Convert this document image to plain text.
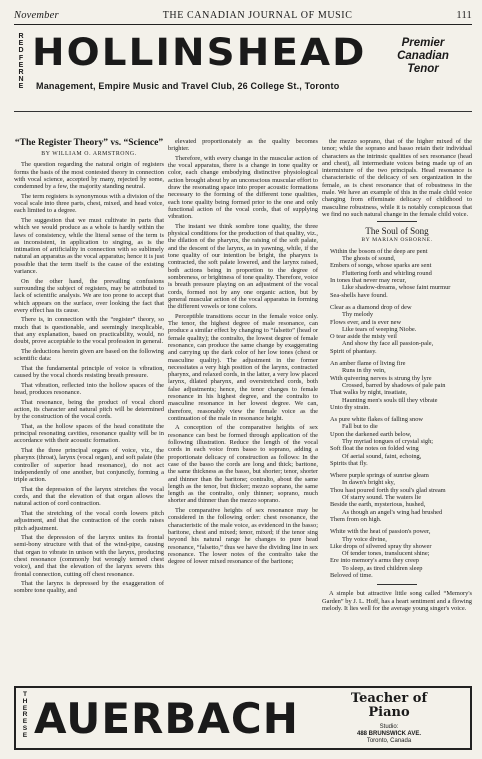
November	THE CANADIAN JOURNAL OF MUSIC	111
R
E
D
F
E
R
N
E
HOLLINSHEAD	Premier
Canadian
Tenor
Management, Empire Music and Travel Club, 26 College St., Toronto
“The Register Theory” vs. “Science”
BY WILLIAM O. ARMSTRONG.

The question regarding the natural origin of registers forms the basis of the most contested theory in connection with vocal science, accepted by many, rejected by some, condemned by a few, the majority standing neutral.

The term registers is synonymous with a division of the vocal scale into three parts, chest, mixed, and head voice, each limited to a degree.

The suggestion that we must cultivate in parts that which we would produce as a whole is hardly within the laws of consistency, while the literal sense of the term is as inconsistent, in application to singing, as is the intimation of artificiality in connection with so sublimely natural an apparatus as the vocal apparatus; hence it is just possible that the term itself is the cause of the existing variance.

On the other hand, the prevailing confusions surrounding the subject of registers, may be attributed to lack of scientific analysis. We are too prone to accept that which appears on the surface, over looking the fact that every effect has its cause.

There is, in connection with the “register” theory, so much that is questionable, and seemingly inexplicable, that any explanation, based on practicability, would, no doubt, prove acceptable to the vocal profession in general.

The deductions herein given are based on the following scientific data:

That the fundamental principle of voice is vibration, caused by the vocal chords resisting breath pressure.

That vibration, reflected into the hollow spaces of the head, produces resonance.

That resonance, being the product of vocal chord action, its character and natural pitch will be determined by the construction of the vocal cords.

That, as the hollow spaces of the head constitute the principal resonating cavities, resonance quality will be in accordance with their acoustic formation.

That the three principal organs of voice, viz., the pharynx (throat), larynx (vocal organ), and soft palate (the controller of superior head resonance), do not act independently of one another, but conjunctly, forming a triple action.

That the depression of the larynx stretches the vocal cords, and that the elevation of that organ allows the natural action of cord contraction.

That the stretching of the vocal cords lowers pitch adjustment, and that the contraction of the cords raises pitch adjustment.

That the depression of the larynx unites its frontal semi-bony structure with that of the wind-pipe, causing that organ to vibrate in unison with the larynx, producing chest resonance (commonly but wrongly termed chest voice), and that the elevation of the larynx severs this frontal connection, cutting off chest resonance.

That the larynx is depressed by the exaggeration of sombre tone quality, and

elevated proportionately as the quality becomes brighter.

Therefore, with every change in the muscular action of the vocal apparatus, there is a change in tone quality or color, each change embodying distinctive physiological action brought about by an unconscious muscular effort to draw the resonating space into proper acoustic formations necessary to the forming of the different tone qualities, each tone quality being formed prior to the one and only functional action of the vocal cords, that of supplying vibration.

The instant we think sombre tone quality, the three physical conditions for the production of that quality, viz., the dilation of the pharynx, the raising of the soft palate, and the descent of the larynx, as in yawning, while, if the tone quality of our intention be bright, the pharynx is contracted, the soft palate lowered, and the larynx raised, both actions being in proportion to the degree of sombreness, or brightness of tone quality. Therefore, voice is breath pressure playing on an adjustment of the vocal cords, formed not by any one organic action, but by general muscular action of the vocal apparatus in forming the different vowels or tone colors.

Perceptible transitions occur in the female voice only. The tenor, the highest degree of male resonance, can produce a similar effect by changing to “falsetto” (head or female quality); the contralto, the lowest degree of female resonance, can produce the same change by exaggerating and carrying up the dark color of her low tones (chest or masculine quality). The adjustment in the former necessitates a very high position of the larynx, contracted pharynx, and relaxed cords, in the latter, a very low placed larynx, dilated pharynx, and overstretched cords, both false adjustments; hence, the tenor changes to female resonance in his highest degree, and the contralto to masculine resonance in her lowest degree. We can, therefore, reasonably view the female voice as the continuation of the male in resonance height.

A conception of the comparative heights of sex resonance can best be formed through application of the following illustration. Reduce the length of the vocal cords in each voice from basso to soprano, adding a proportionate delicacy of construction as follows: In the case of the basso the cords are long and thick; baritone, the same thickness as the basso, but shorter; tenor, shorter and thinner than the baritone; contralto, about the same length as the tenor, but thicker; mezzo soprano, the same length as the contralto, only thinner; soprano, much shorter and thinner than the mezzo soprano.

The comparative heights of sex resonance may be considered in the following order: chest resonance, the characteristic of the male voice, as evidenced in the basso; baritone, chest and mixed; tenor, mixed; if the tenor sing beyond his natural range he changes to pure head resonance, “falsetto,” thus we have the dividing line in sex resonance. The lower notes of the contralto take the degree of lower mixed resonance of the baritone;

the mezzo soprano, that of the higher mixed of the tenor; while the soprano and basso retain their individual characters as the intrinsic qualities of sex resonance (head and chest), all intermediate voices being made up of an intermixture of the two principals. Head resonance is characteristic of the delicacy of sex organization in the female, as is chest resonance that of robustness in the male. We have an example of this in the male child voice changing from effeminate delicacy of childhood to masculine robustness, while it is notably conspicuous that we find no such natural change in the female child voice.

The Soul of Song
BY MARIAN OSBORNE.
Within the bosom of the deep are pent
The ghosts of sound,
Embers of songs, whose sparks are sent
Fluttering forth and whirling round
In tones that never may recur,
Like shadow-dreams, whose faint murmur
Sea-shells have found.
Clear as a diamond drop of dew
Thy melody
Flows ever, and is ever new
Like tears of weeping Niobe.
O tear aside the misty veil
And show thy face all passion-pale,
Spirit of phantasy.
An amber flame of living fire
Runs in thy vein,
With quivering nerves is strung thy lyre
Crossed, barred by shadows of pale pain
That walks by night, insatiate,
Haunting men's souls till they vibrate
Unto thy strain.
As pure white flakes of falling snow
Fall but to die
Upon the darkened earth below,
Thy myriad tongues of crystal sigh;
Soft float the notes on folded wing
Of aerial sound, faint, echoing,
Spirits that fly.
Where purple springs of sunrise gleam
In dawn's bright sky,
Thou hast poured forth thy soul's glad stream
Of starry sound. The waters lie
Beside the earth, mysterious, hushed,
As though an angel's wing had brushed
Them from on high.
White with the heat of passion's power,
Thy voice divine,
Like drops of silvered spray thy shower
Of tender tones, translucent shine;
Ere into memory's arms they creep
To sleep, as tired children sleep
Beloved of time.

A simple but attractive little song called “Memory's Garden” by J. L. Hoff, has a heart sentiment and a flowing melody. It lies well for the average young singer's voice.

T
H
E
R
E
S
E AUERBACH	Teacher of
Piano
Studio:
488 BRUNSWICK AVE.
Toronto, Canada
